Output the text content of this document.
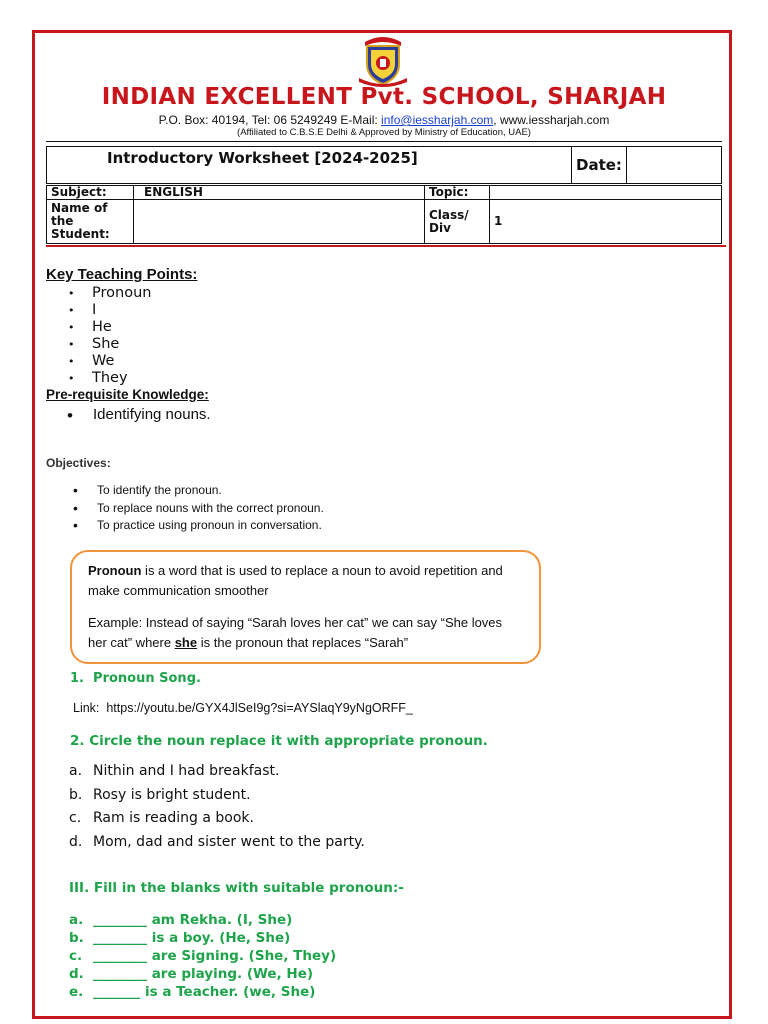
INDIAN EXCELLENT Pvt. SCHOOL, SHARJAH
P.O. Box: 40194, Tel: 06 5249249 E-Mail: info@iessharjah.com, www.iessharjah.com
(Affiliated to C.B.S.E Delhi & Approved by Ministry of Education, UAE)
Introductory Worksheet [2024-2025]	Date:	
Subject:	ENGLISH	Topic:	
Name of the Student:		Class/ Div	1
Key Teaching Points:
• Pronoun
• I
• He
• She
• We
• They
Pre-requisite Knowledge:
• Identifying nouns.
Objectives:
• To identify the pronoun.
• To replace nouns with the correct pronoun.
• To practice using pronoun in conversation.

Pronoun is a word that is used to replace a noun to avoid repetition and make communication smoother

Example: Instead of saying “Sarah loves her cat” we can say “She loves her cat” where she is the pronoun that replaces “Sarah”

1. Pronoun Song.
Link: https://youtu.be/GYX4JlSeI9g?si=AYSlaqY9yNgORFF_
2. Circle the noun replace it with appropriate pronoun.
a. Nithin and I had breakfast.
b. Rosy is bright student.
c. Ram is reading a book.
d. Mom, dad and sister went to the party.
III. Fill in the blanks with suitable pronoun:-
a. ________ am Rekha. (I, She)
b. ________ is a boy. (He, She)
c. ________ are Signing. (She, They)
d. ________ are playing. (We, He)
e. _______ is a Teacher. (we, She)
